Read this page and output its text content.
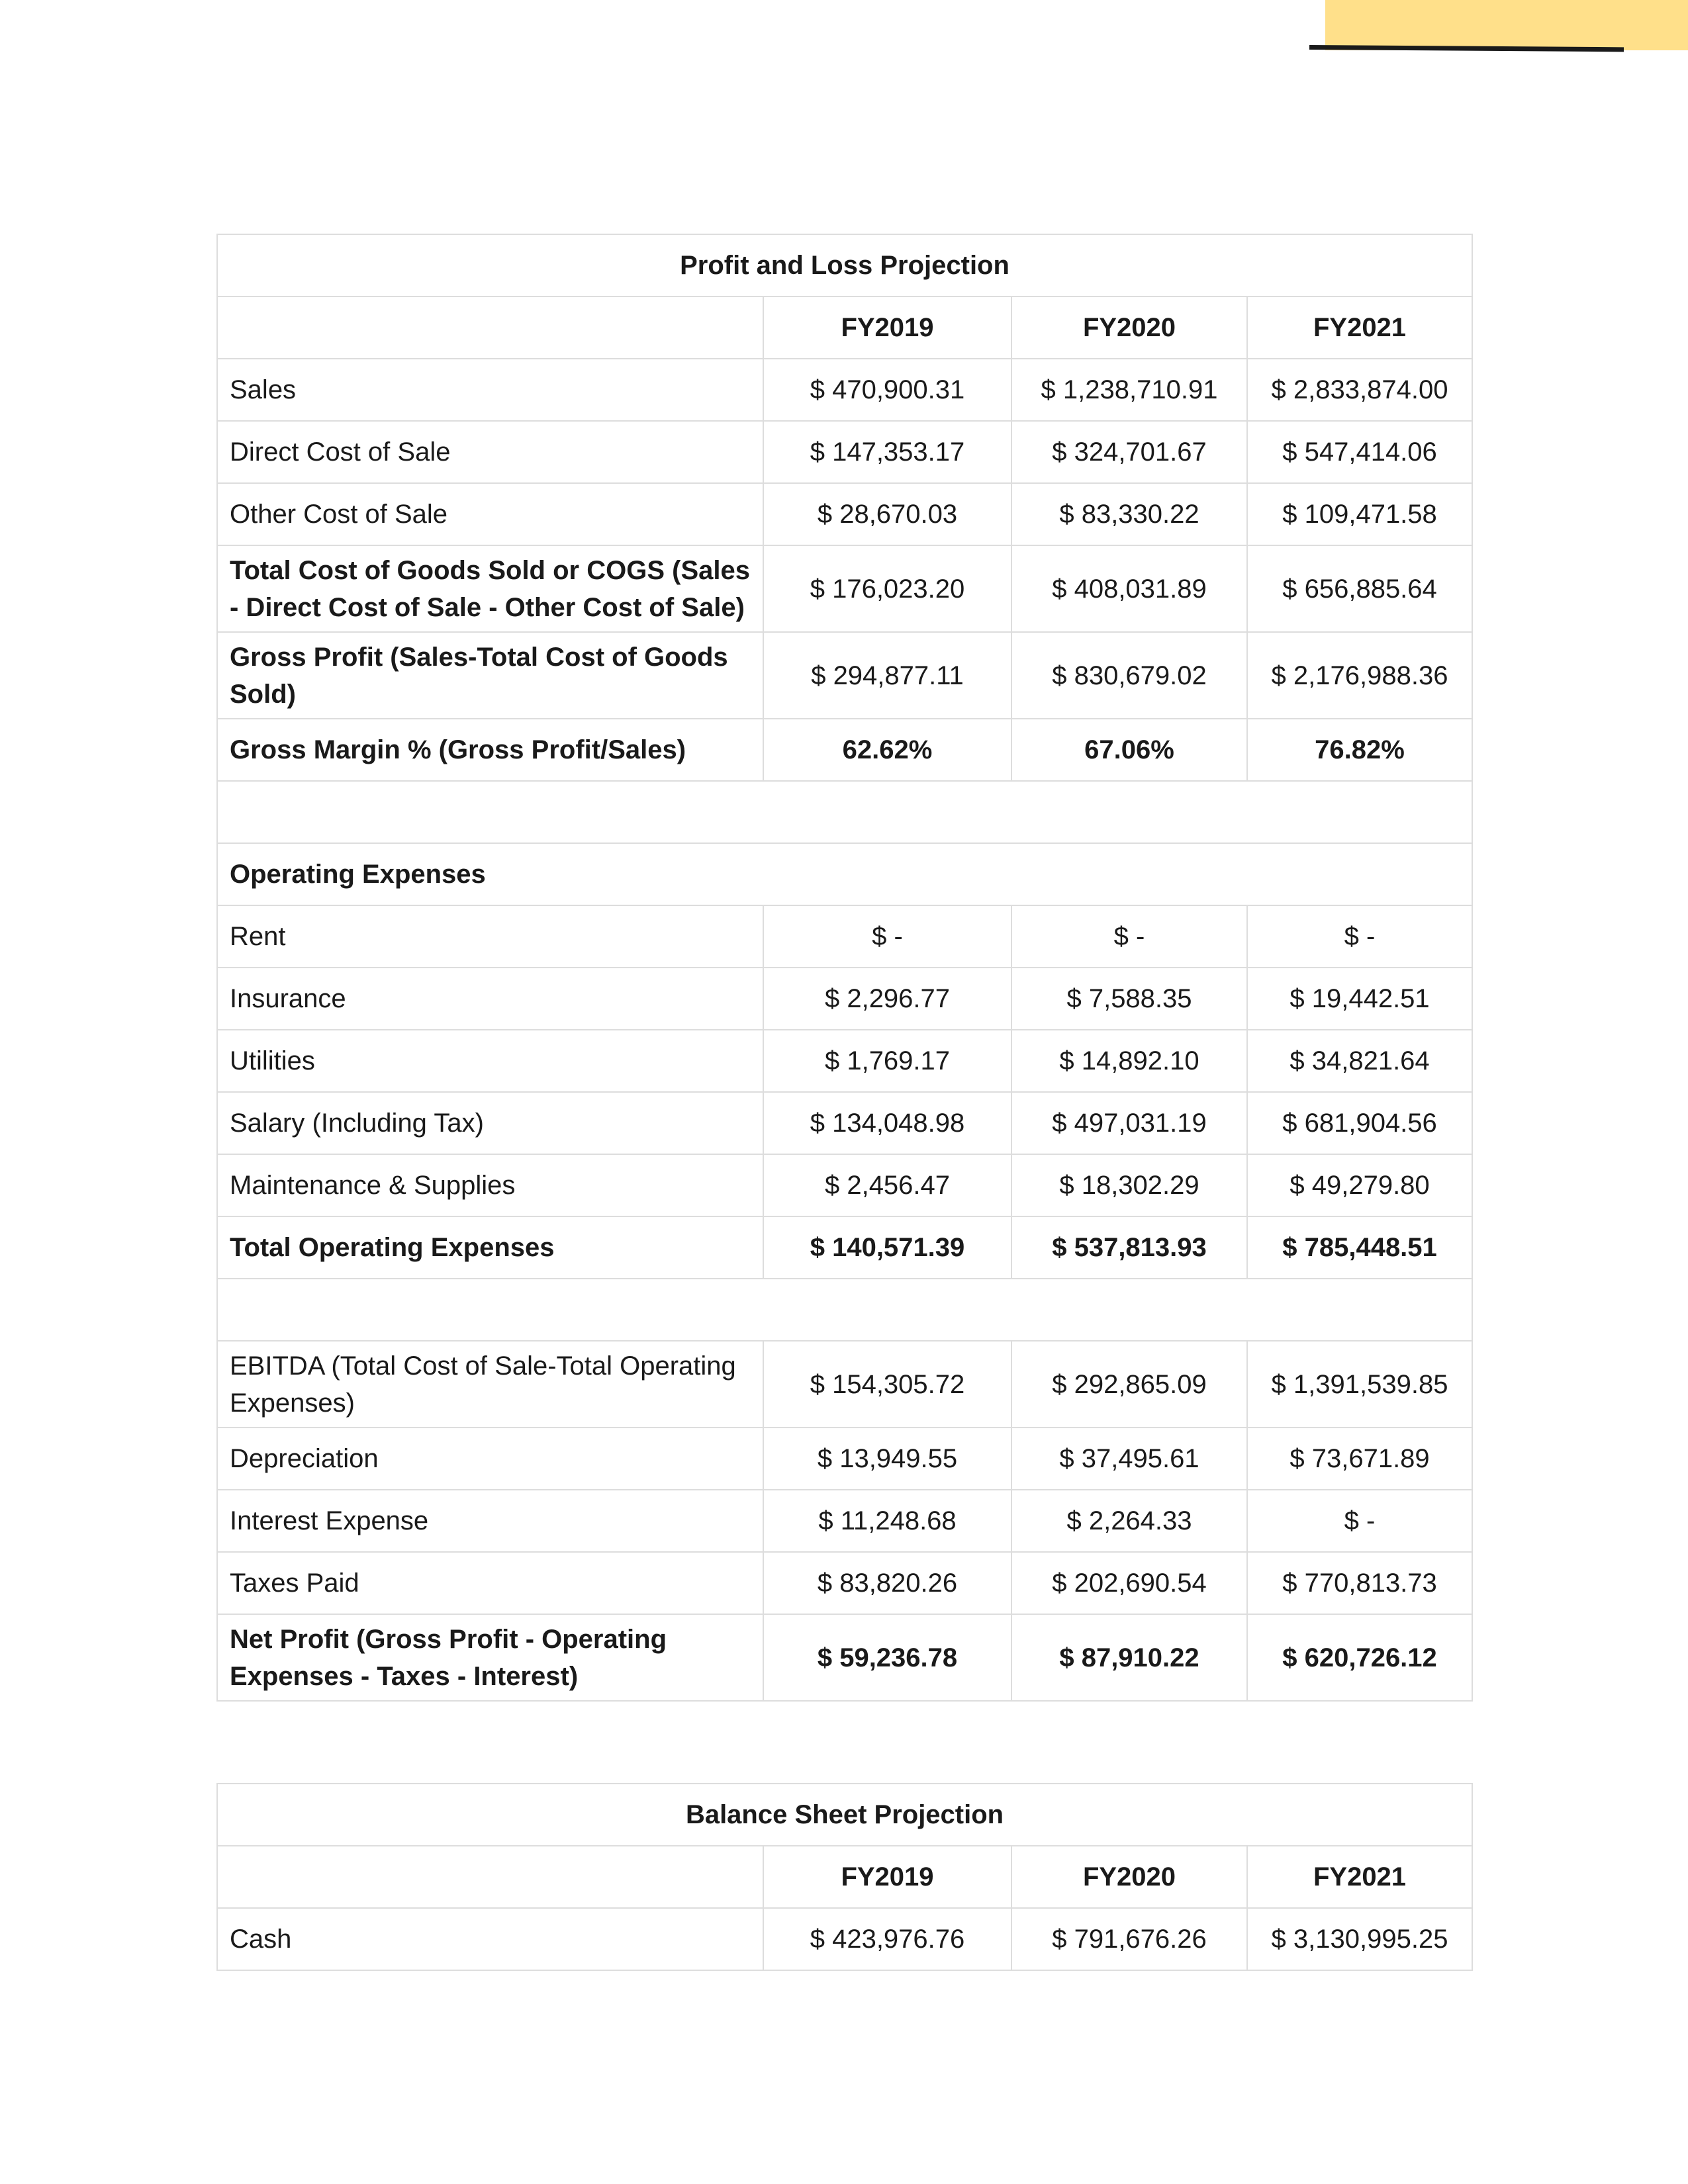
Profit and Loss Projection			
	FY2019	FY2020	FY2021
Sales	$ 470,900.31	$ 1,238,710.91	$ 2,833,874.00
Direct Cost of Sale	$ 147,353.17	$ 324,701.67	$ 547,414.06
Other Cost of Sale	$ 28,670.03	$ 83,330.22	$ 109,471.58
Total Cost of Goods Sold or COGS (Sales - Direct Cost of Sale - Other Cost of Sale)	$ 176,023.20	$ 408,031.89	$ 656,885.64
Gross Profit (Sales-Total Cost of Goods Sold)	$ 294,877.11	$ 830,679.02	$ 2,176,988.36
Gross Margin % (Gross Profit/Sales)	62.62%	67.06%	76.82%

Operating Expenses			
Rent	$ -	$ -	$ -
Insurance	$ 2,296.77	$ 7,588.35	$ 19,442.51
Utilities	$ 1,769.17	$ 14,892.10	$ 34,821.64
Salary (Including Tax)	$ 134,048.98	$ 497,031.19	$ 681,904.56
Maintenance & Supplies	$ 2,456.47	$ 18,302.29	$ 49,279.80
Total Operating Expenses	$ 140,571.39	$ 537,813.93	$ 785,448.51

EBITDA (Total Cost of Sale-Total Operating Expenses)	$ 154,305.72	$ 292,865.09	$ 1,391,539.85
Depreciation	$ 13,949.55	$ 37,495.61	$ 73,671.89
Interest Expense	$ 11,248.68	$ 2,264.33	$ -
Taxes Paid	$ 83,820.26	$ 202,690.54	$ 770,813.73
Net Profit (Gross Profit - Operating Expenses - Taxes - Interest)	$ 59,236.78	$ 87,910.22	$ 620,726.12
Balance Sheet Projection			
	FY2019	FY2020	FY2021
Cash	$ 423,976.76	$ 791,676.26	$ 3,130,995.25
